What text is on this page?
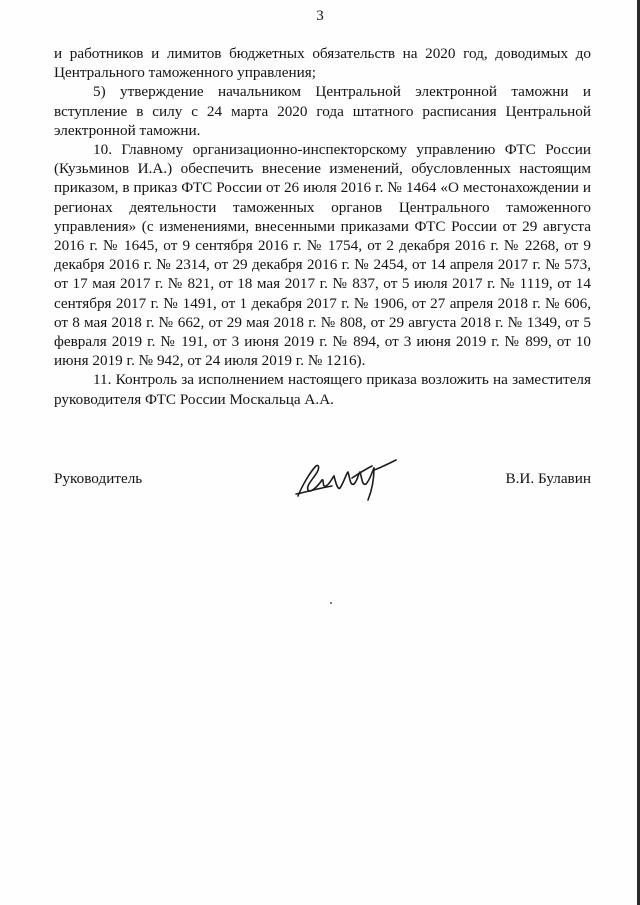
3

и работников и лимитов бюджетных обязательств на 2020 год, доводимых до Центрального таможенного управления;

5) утверждение начальником Центральной электронной таможни и вступление в силу с 24 марта 2020 года штатного расписания Центральной электронной таможни.

10. Главному организационно-инспекторскому управлению ФТС России (Кузьминов И.А.) обеспечить внесение изменений, обусловленных настоящим приказом, в приказ ФТС России от 26 июля 2016 г. № 1464 «О местонахождении и регионах деятельности таможенных органов Центрального таможенного управления» (с изменениями, внесенными приказами ФТС России от 29 августа 2016 г. № 1645, от 9 сентября 2016 г. № 1754, от 2 декабря 2016 г. № 2268, от 9 декабря 2016 г. № 2314, от 29 декабря 2016 г. № 2454, от 14 апреля 2017 г. № 573, от 17 мая 2017 г. № 821, от 18 мая 2017 г. № 837, от 5 июля 2017 г. № 1119, от 14 сентября 2017 г. № 1491, от 1 декабря 2017 г. № 1906, от 27 апреля 2018 г. № 606, от 8 мая 2018 г. № 662, от 29 мая 2018 г. № 808, от 29 августа 2018 г. № 1349, от 5 февраля 2019 г. № 191, от 3 июня 2019 г. № 894, от 3 июня 2019 г. № 899, от 10 июня 2019 г. № 942, от 24 июля 2019 г. № 1216).

11. Контроль за исполнением настоящего приказа возложить на заместителя руководителя ФТС России Москальца А.А.

Руководитель	В.И. Булавин
